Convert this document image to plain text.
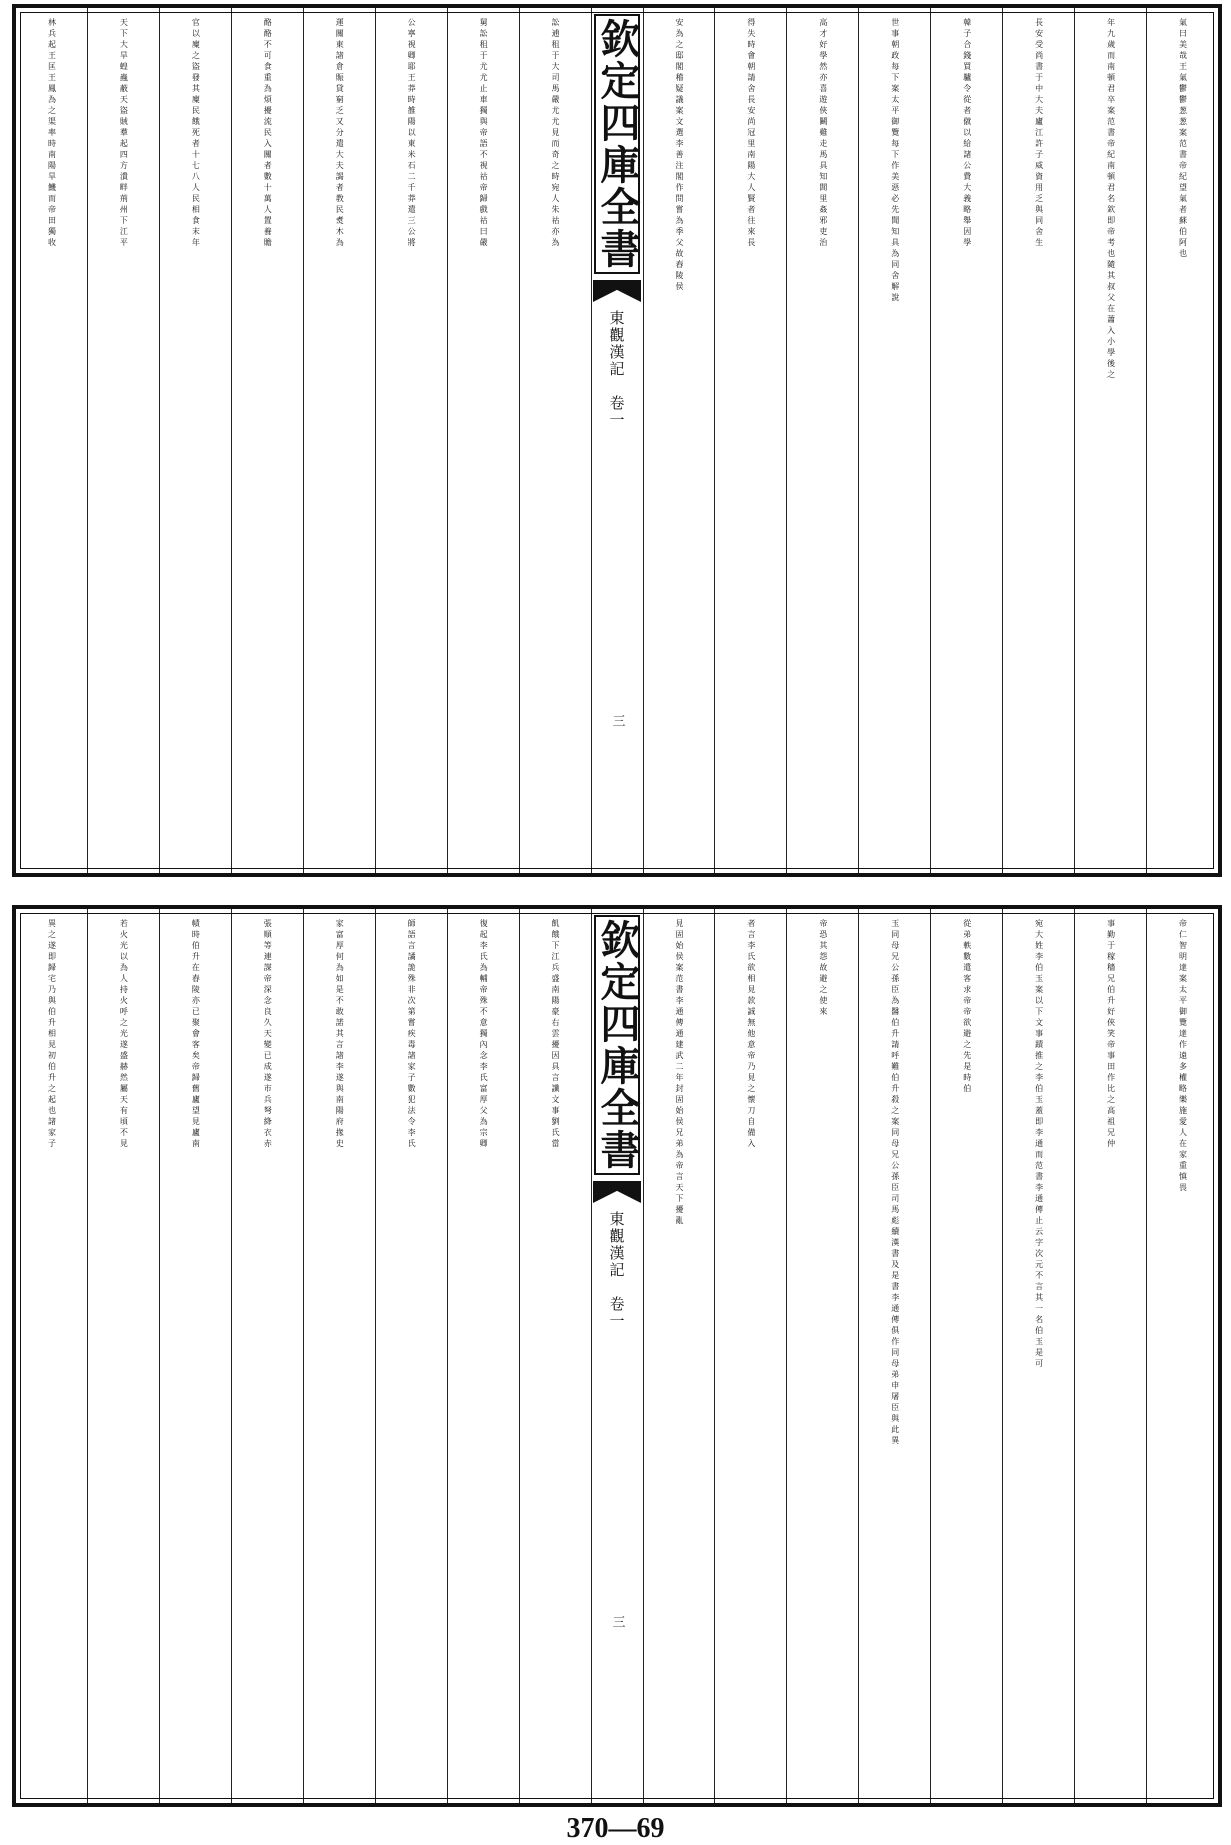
林兵起王匡王鳳為之渠率時南陽旱饑而帝田獨收	天下大旱蝗蟲蔽天盜賊羣起四方潰畔荊州下江平	官以廩之盜發其廩民餓死者十七八人民相食末年	酪酪不可食重為煩擾流民入關者數十萬人置養贍	運關東諸倉賑貸窮乏又分遣大夫謁者教民煑木為	公寧視卿耶王莽時雒陽以東米石二千莽遣三公將	舅訟租于尤尤止車獨與帝語不視祜帝歸戲祜曰嚴	訟逋租于大司馬嚴尤尤見而奇之時宛人朱祜亦為 欽定四庫全書
東觀漢記　卷一
三
安為之邸閣稽疑議案文選李善注閣作問嘗為季父故舂陵侯	得失時會朝請舍長安尚冠里南陽大人賢者往來長	高才好學然亦喜遊俠鬭雞走馬具知閭里姦邪吏治	世事朝政每下案太平御覽每下作美惡必先聞知具為同舍解說	韓子合錢買驢令從者僦以給諸公費大義略舉因學	長安受尚書于中大夫廬江許子威資用乏與同舍生	年九歲而南頓君卒案范書帝紀南頓君名欽即帝考也隨其叔父在蕭入小學後之	氣曰美哉王氣鬱鬱葱葱案范書帝紀望氣者蘇伯阿也
異之遂即歸宅乃與伯升相見初伯升之起也諸家子	若火光以為人持火呼之光遂盛赫然屬天有頃不見	幘時伯升在舂陵亦已聚會客矣帝歸舊廬望見廬南	張順等連謀帝深念良久天變已成遂市兵弩絳衣赤	家富厚何為如是不敢諾其言諸李遂與南陽府掾史	師語言譎詭殊非次第嘗疾毒諸家子數犯法令李氏	復起李氏為輔帝殊不意獨內念李氏富厚父為宗卿	飢餓下江兵盛南陽豪右雲擾因具言讖文事劉氏當 欽定四庫全書
東觀漢記　卷一
三
見固始侯案范書李通傳通建武二年封固始侯兄弟為帝言天下擾亂	者言李氏欲相見款誠無他意帝乃見之懷刀自備入	帝恐其怨故避之使來	玉同母兄公孫臣為醫伯升請呼難伯升殺之案同母兄公孫臣司馬彪續漢書及是書李通傳俱作同母弟申屠臣與此異	從弟軼數遣客求帝帝欲避之先是時伯	宛大姓李伯玉案以下文事蹟推之李伯玉蓋即李通而范書李通傳止云字次元不言其一名伯玉是可	事勤于稼穡兄伯升好俠笑帝事田作比之高祖兄仲	帝仁智明達案太平御覽達作遠多權略樂施愛人在家重慎畏
370—69
